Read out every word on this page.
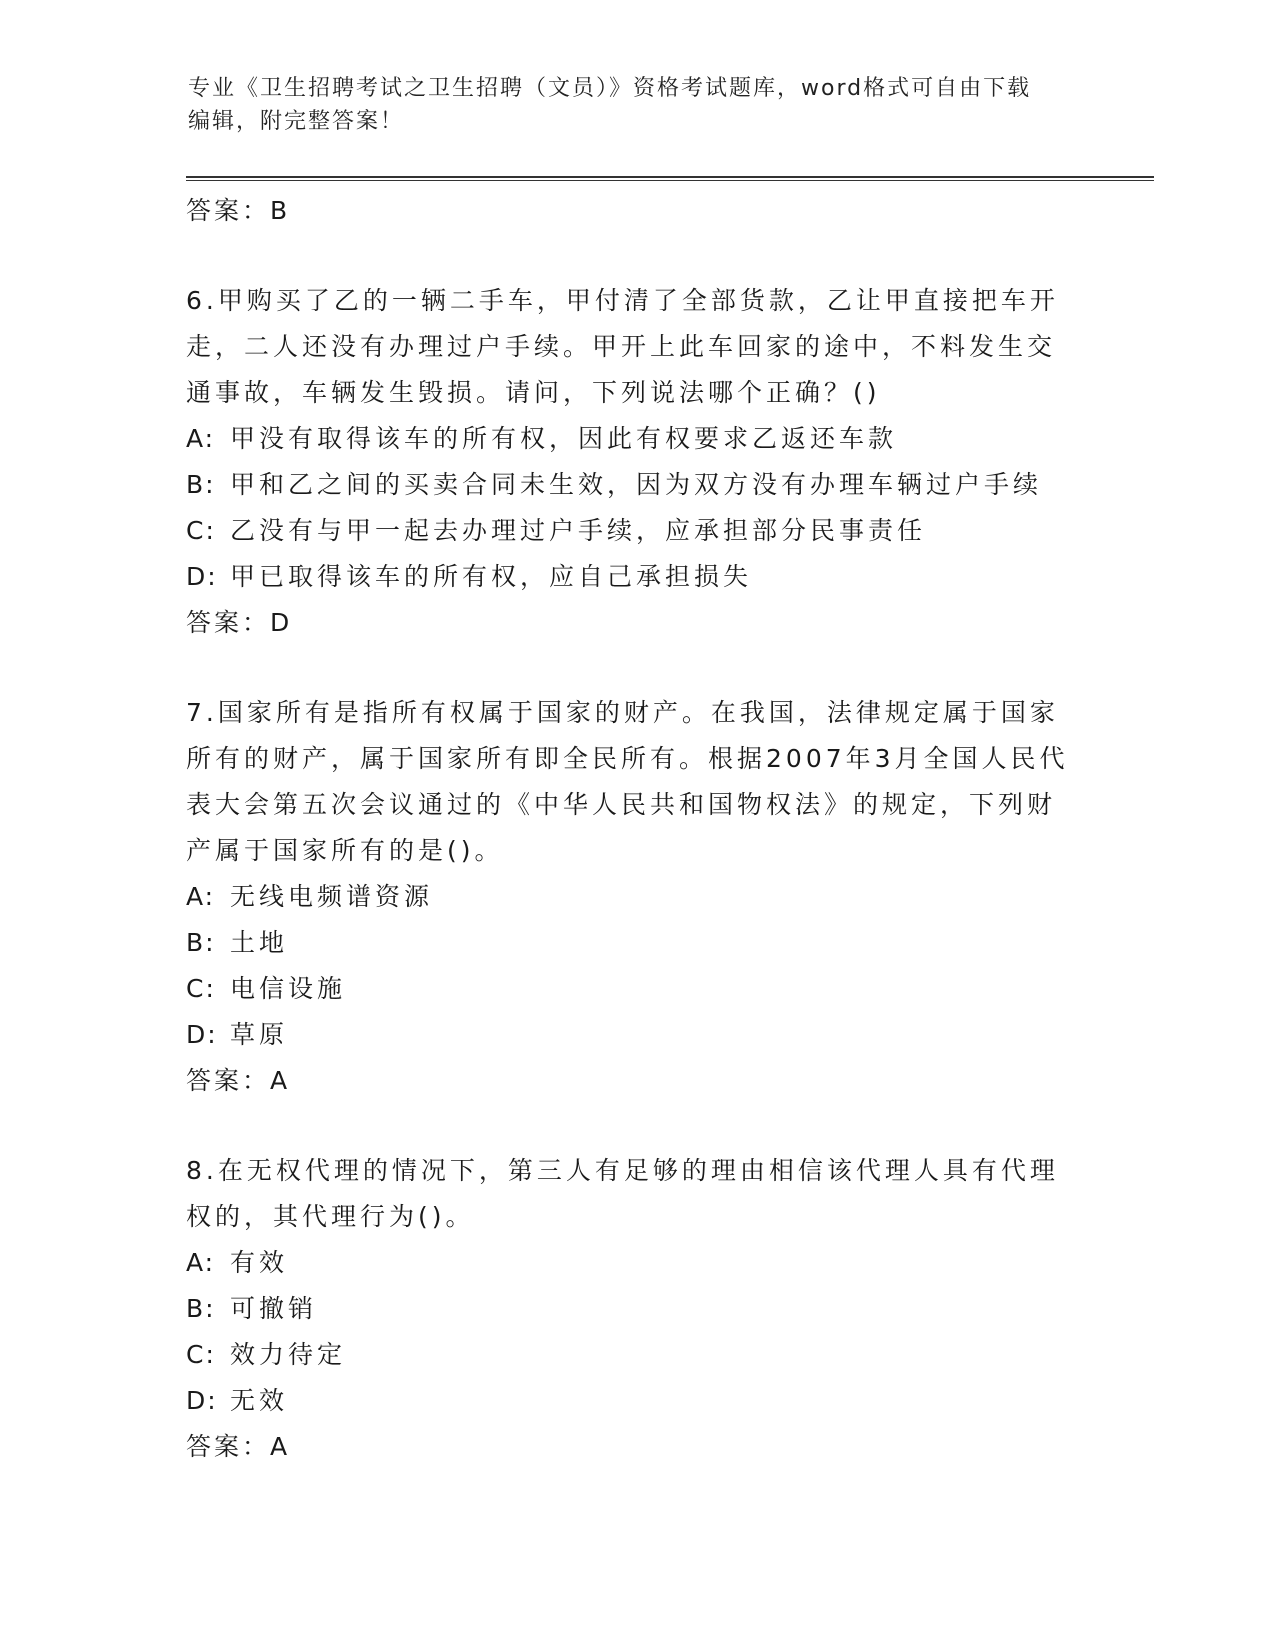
专业《卫生招聘考试之卫生招聘（文员）》资格考试题库，word格式可自由下载
编辑，附完整答案！
答案：B
6.甲购买了乙的一辆二手车，甲付清了全部货款，乙让甲直接把车开
走，二人还没有办理过户手续。甲开上此车回家的途中，不料发生交
通事故，车辆发生毁损。请问，下列说法哪个正确？()
A: 甲没有取得该车的所有权，因此有权要求乙返还车款
B: 甲和乙之间的买卖合同未生效，因为双方没有办理车辆过户手续
C: 乙没有与甲一起去办理过户手续，应承担部分民事责任
D: 甲已取得该车的所有权，应自己承担损失
答案：D
7.国家所有是指所有权属于国家的财产。在我国，法律规定属于国家
所有的财产，属于国家所有即全民所有。根据2007年3月全国人民代
表大会第五次会议通过的《中华人民共和国物权法》的规定，下列财
产属于国家所有的是()。
A: 无线电频谱资源
B: 土地
C: 电信设施
D: 草原
答案：A
8.在无权代理的情况下，第三人有足够的理由相信该代理人具有代理
权的，其代理行为()。
A: 有效
B: 可撤销
C: 效力待定
D: 无效
答案：A
